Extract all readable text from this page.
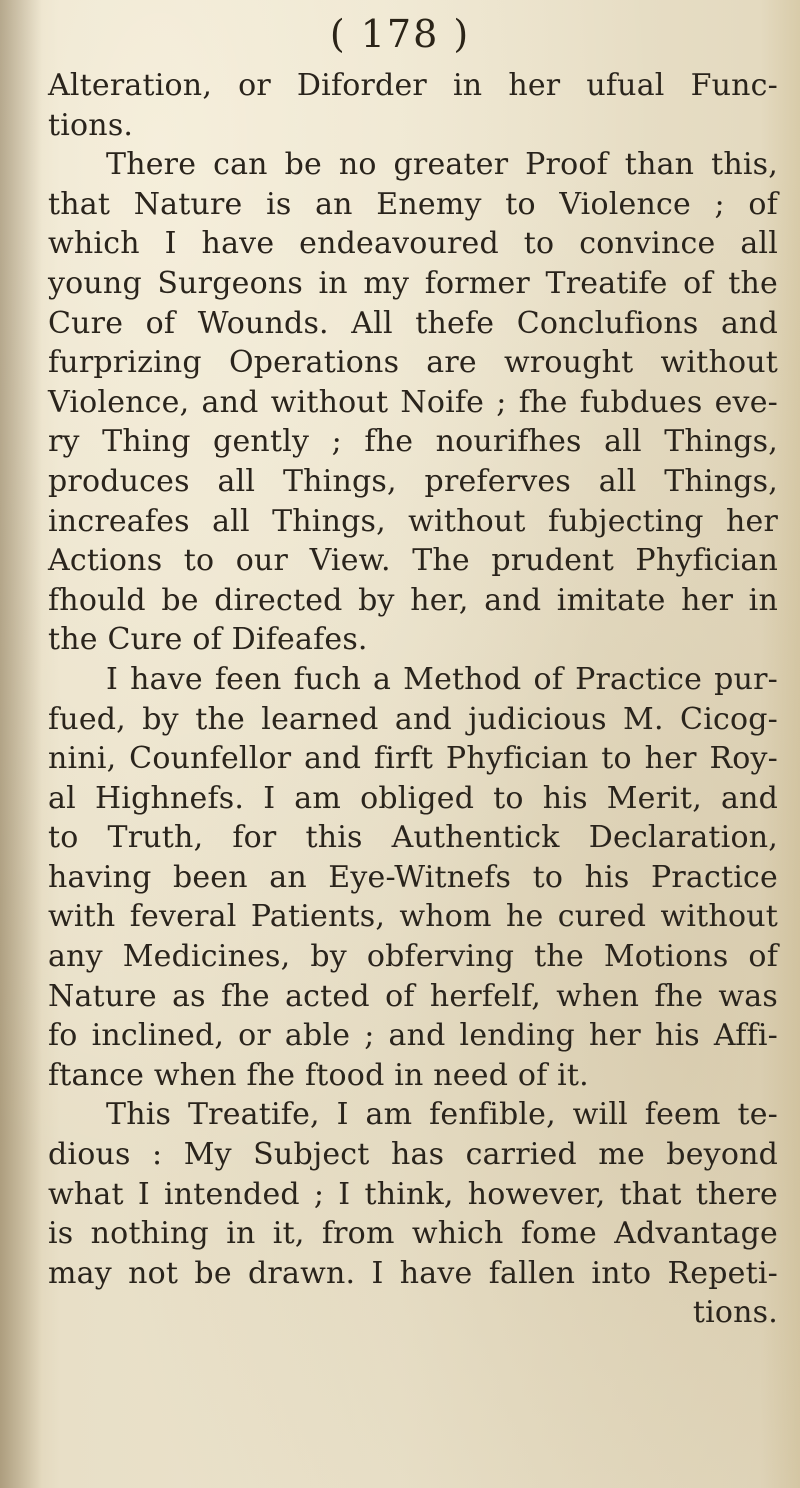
( 178 )
Alteration, or Diforder in her ufual Func-
tions.
There can be no greater Proof than this,
that Nature is an Enemy to Violence ; of
which I have endeavoured to convince all
young Surgeons in my former Treatife of the
Cure of Wounds. All thefe Conclufions and
furprizing Operations are wrought without
Violence, and without Noife ; fhe fubdues eve-
ry Thing gently ; fhe nourifhes all Things,
produces all Things, preferves all Things,
increafes all Things, without fubjecting her
Actions to our View. The prudent Phyfician
fhould be directed by her, and imitate her in
the Cure of Difeafes.
I have feen fuch a Method of Practice pur-
fued, by the learned and judicious M. Cicog-
nini, Counfellor and firft Phyfician to her Roy-
al Highnefs. I am obliged to his Merit, and
to Truth, for this Authentick Declaration,
having been an Eye-Witnefs to his Practice
with feveral Patients, whom he cured without
any Medicines, by obferving the Motions of
Nature as fhe acted of herfelf, when fhe was
fo inclined, or able ; and lending her his Affi-
ftance when fhe ftood in need of it.
This Treatife, I am fenfible, will feem te-
dious : My Subject has carried me beyond
what I intended ; I think, however, that there
is nothing in it, from which fome Advantage
may not be drawn. I have fallen into Repeti-
tions.
